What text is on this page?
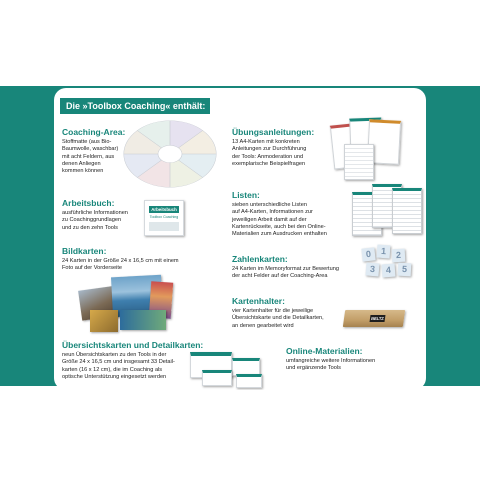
Die »Toolbox Coaching« enthält:
Coaching-Area:
Stoffmatte (aus Bio-
Baumwolle, waschbar)
mit acht Feldern, aus
denen Anliegen
kommen können
Arbeitsbuch:
ausführliche Informationen
zu Coachinggrundlagen
und zu den zehn Tools
Arbeitsbuch
Toolbox Coaching
Bildkarten:
24 Karten in der Größe 24 x 16,5 cm mit einem
Foto auf der Vorderseite
Übersichtskarten und Detailkarten:
neun Übersichtskarten zu den Tools in der
Größe 24 x 16,5 cm und insgesamt 33 Detail-
karten (16 x 12 cm), die im Coaching als
optische Unterstützung eingesetzt werden
Übungsanleitungen:
13 A4-Karten mit konkreten
Anleitungen zur Durchführung
der Tools: Anmoderation und
exemplarische Beispielfragen
Listen:
sieben unterschiedliche Listen
auf A4-Karten, Informationen zur
jeweiligen Arbeit damit auf der
Kartenrückseite, auch bei den Online-
Materialien zum Ausdrucken enthalten
Zahlenkarten:
24 Karten im Memoryformat zur Bewertung
der acht Felder auf der Coaching-Area
0	1	2
3	4	5
Kartenhalter:
vier Kartenhalter für die jeweilige
Übersichtskarte und die Detailkarten,
an denen gearbeitet wird
BELTZ
Online-Materialien:
umfangreiche weitere Informationen
und ergänzende Tools
